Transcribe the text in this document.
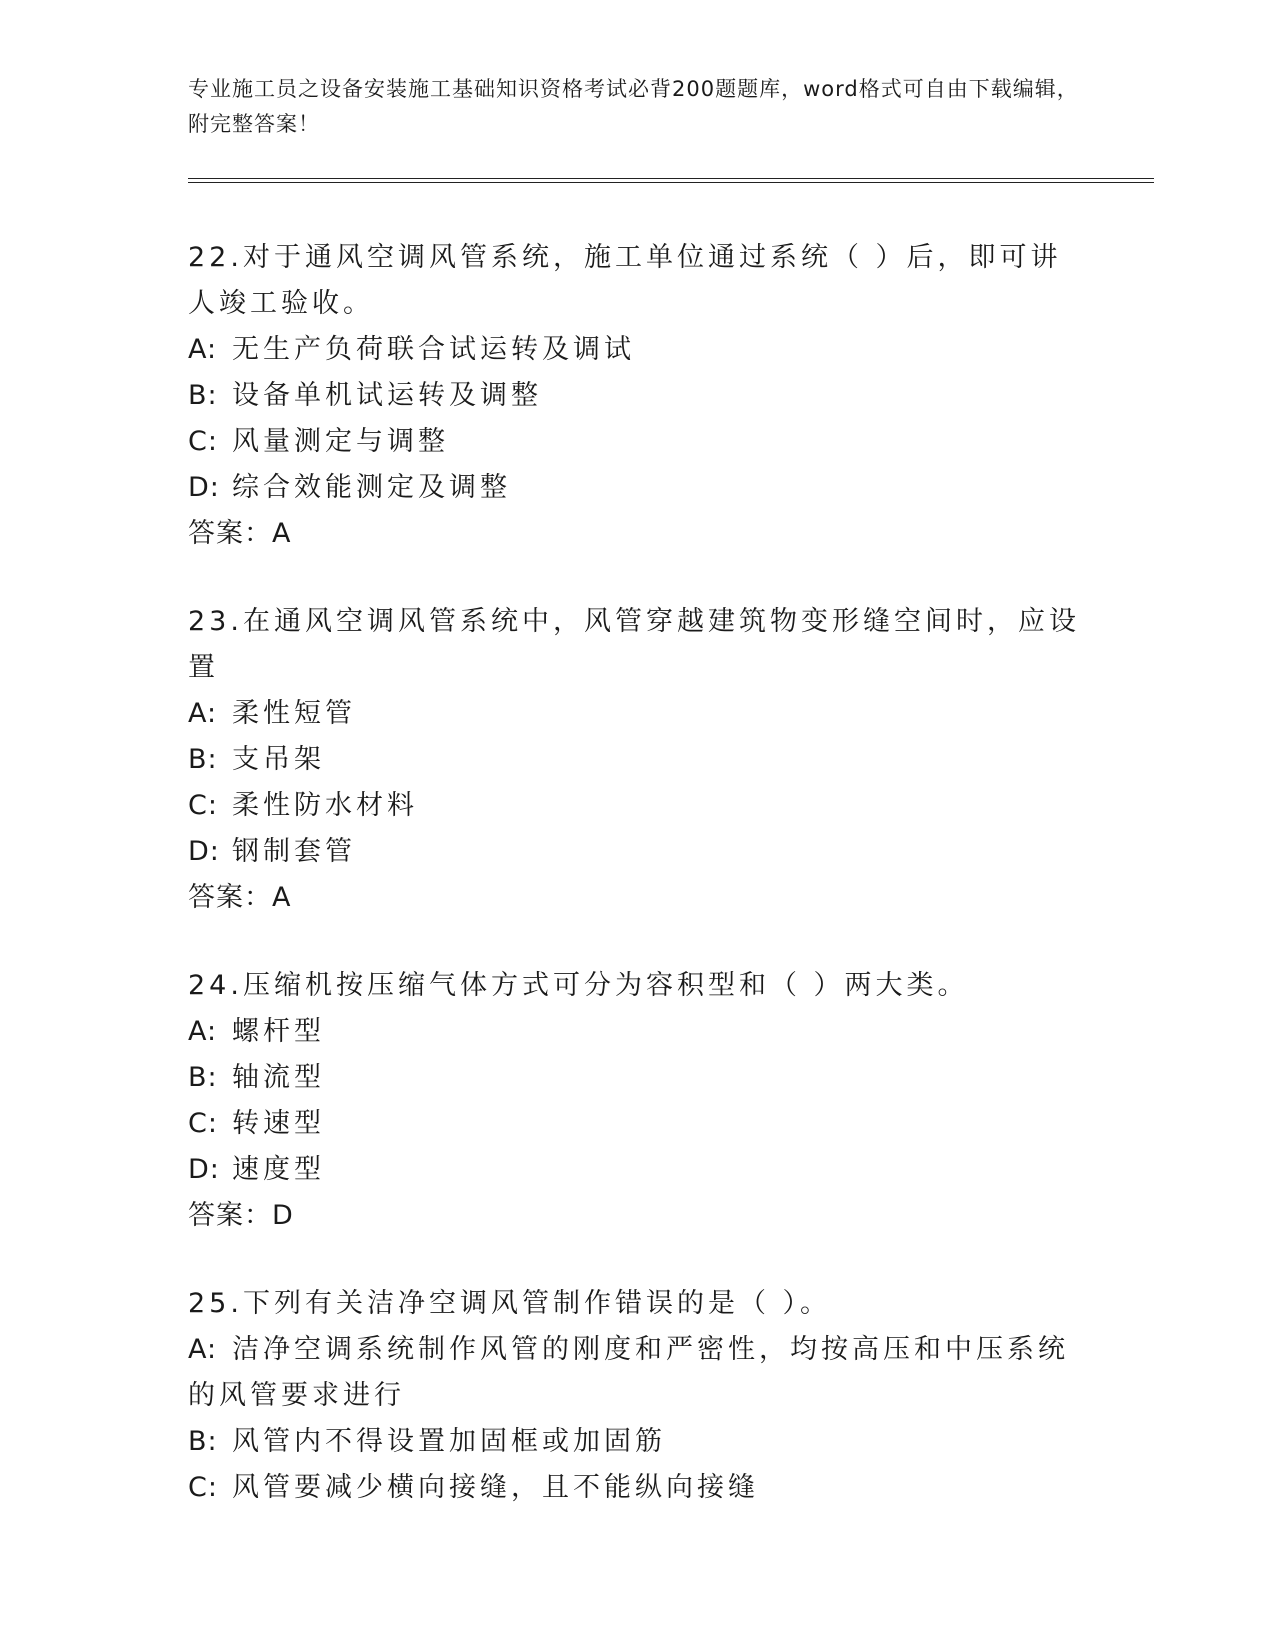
专业施工员之设备安装施工基础知识资格考试必背200题题库，word格式可自由下载编辑，附完整答案！
22.对于通风空调风管系统，施工单位通过系统（ ）后，即可讲人竣工验收。
A: 无生产负荷联合试运转及调试
B: 设备单机试运转及调整
C: 风量测定与调整
D: 综合效能测定及调整
答案：A
23.在通风空调风管系统中，风管穿越建筑物变形缝空间时，应设置
A: 柔性短管
B: 支吊架
C: 柔性防水材料
D: 钢制套管
答案：A
24.压缩机按压缩气体方式可分为容积型和（ ）两大类。
A: 螺杆型
B: 轴流型
C: 转速型
D: 速度型
答案：D
25.下列有关洁净空调风管制作错误的是（ ）。
A: 洁净空调系统制作风管的刚度和严密性，均按高压和中压系统的风管要求进行
B: 风管内不得设置加固框或加固筋
C: 风管要减少横向接缝，且不能纵向接缝
